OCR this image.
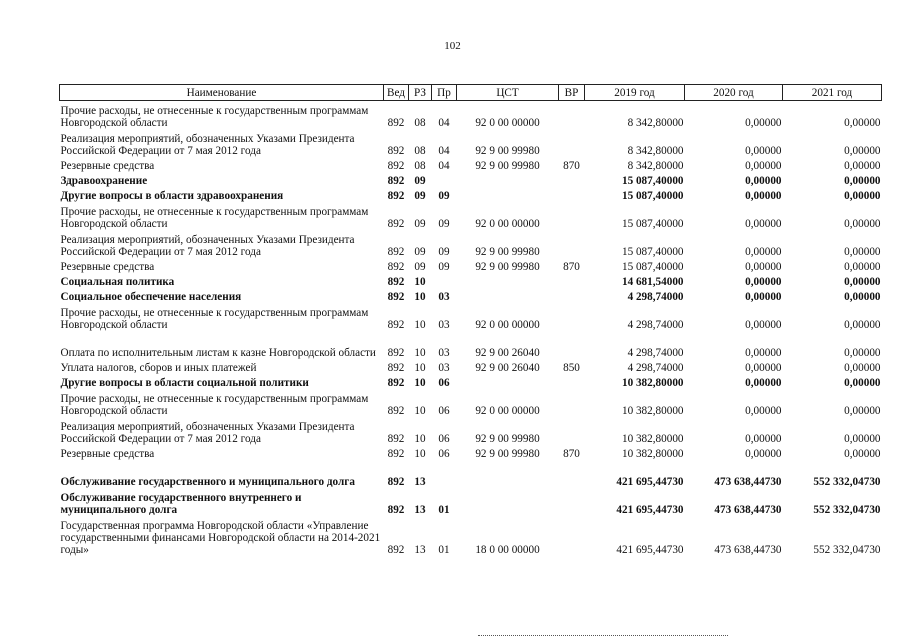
102
Наименование	Вед	РЗ	Пр	ЦСТ	ВР	2019 год	2020 год	2021 год
Прочие расходы, не отнесенные к государственным программам Новгородской области	892	08	04	92 0 00 00000		8 342,80000	0,00000	0,00000
Реализация мероприятий, обозначенных Указами Президента Российской Федерации от 7 мая 2012 года	892	08	04	92 9 00 99980		8 342,80000	0,00000	0,00000
Резервные средства	892	08	04	92 9 00 99980	870	8 342,80000	0,00000	0,00000
Здравоохранение	892	09				15 087,40000	0,00000	0,00000
Другие вопросы в области здравоохранения	892	09	09			15 087,40000	0,00000	0,00000
Прочие расходы, не отнесенные к государственным программам Новгородской области	892	09	09	92 0 00 00000		15 087,40000	0,00000	0,00000
Реализация мероприятий, обозначенных Указами Президента Российской Федерации от 7 мая 2012 года	892	09	09	92 9 00 99980		15 087,40000	0,00000	0,00000
Резервные средства	892	09	09	92 9 00 99980	870	15 087,40000	0,00000	0,00000
Социальная политика	892	10				14 681,54000	0,00000	0,00000
Социальное обеспечение населения	892	10	03			4 298,74000	0,00000	0,00000
Прочие расходы, не отнесенные к государственным программам Новгородской области	892	10	03	92 0 00 00000		4 298,74000	0,00000	0,00000
Оплата по исполнительным листам к казне Новгородской области	892	10	03	92 9 00 26040		4 298,74000	0,00000	0,00000
Уплата налогов, сборов и иных платежей	892	10	03	92 9 00 26040	850	4 298,74000	0,00000	0,00000
Другие вопросы в области социальной политики	892	10	06			10 382,80000	0,00000	0,00000
Прочие расходы, не отнесенные к государственным программам Новгородской области	892	10	06	92 0 00 00000		10 382,80000	0,00000	0,00000
Реализация мероприятий, обозначенных Указами Президента Российской Федерации от 7 мая 2012 года	892	10	06	92 9 00 99980		10 382,80000	0,00000	0,00000
Резервные средства	892	10	06	92 9 00 99980	870	10 382,80000	0,00000	0,00000
Обслуживание государственного и муниципального долга	892	13				421 695,44730	473 638,44730	552 332,04730
Обслуживание государственного внутреннего и муниципального долга	892	13	01			421 695,44730	473 638,44730	552 332,04730
Государственная программа Новгородской области «Управление государственными финансами Новгородской области на 2014-2021 годы»	892	13	01	18 0 00 00000		421 695,44730	473 638,44730	552 332,04730
